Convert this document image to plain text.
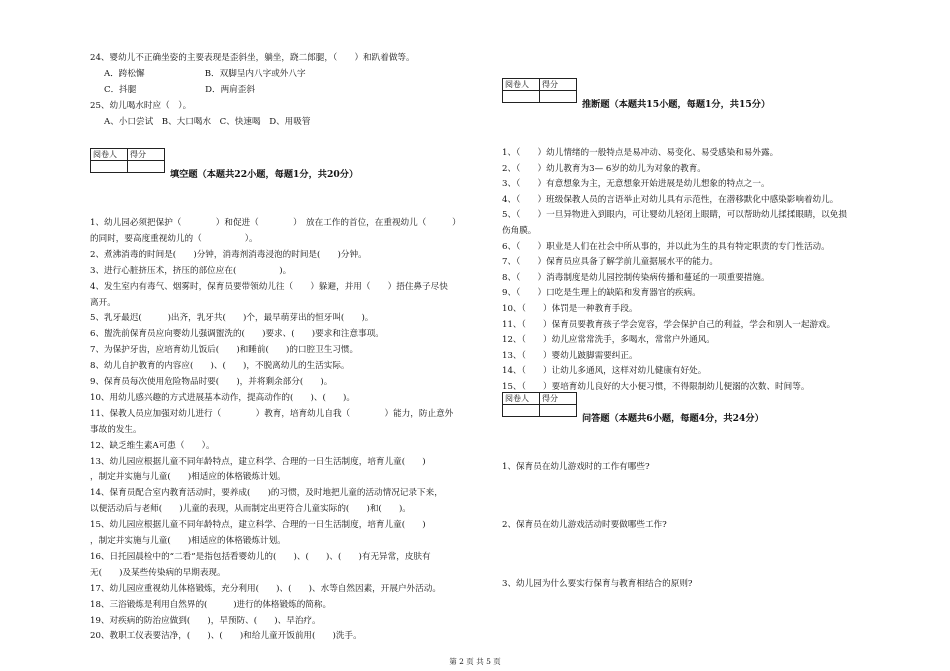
24、婴幼儿不正确坐姿的主要表现是歪斜坐，躺坐，跷二郎腿，（　　）和趴着做等。
A．跨松懈　　　　　　　B．双脚呈内八字或外八字
C．抖腿　　　　　　　　D．两肩歪斜
25、幼儿喝水时应（　）。
A、小口尝试　B、大口喝水　C、快速喝　D、用吸管
阅卷人	得分

填空题（本题共22小题，每题1分，共20分）
1、幼儿园必须把保护（　　　　）和促进（　　　　）　放在工作的首位，在重视幼儿（　　　）
的同时，要高度重视幼儿的（　　　　　）。
2、煮沸消毒的时间是(　　)分钟，消毒剂消毒浸泡的时间是(　　)分钟。
3、进行心脏挤压术，挤压的部位应在(　　　　　)。
4、发生室内有毒气、烟雾时，保育员要带领幼儿往（　　）躲避，并用（　　）捂住鼻子尽快
离开。
5、乳牙最迟(　　　)出齐，乳牙共(　　)个，最早萌芽出的恒牙叫(　　)。
6、盥洗前保育员应向婴幼儿强调盥洗的(　　)要求、(　　)要求和注意事项。
7、为保护牙齿，应培育幼儿饭后(　　)和睡前(　　)的口腔卫生习惯。
8、幼儿自护教育的内容应(　　)、(　　)，不脱离幼儿的生活实际。
9、保育员每次使用危险物品时要(　　)，并将剩余部分(　　)。
10、用幼儿感兴趣的方式进展基本动作，提高动作的(　　)、(　　)。
11、保教人员应加强对幼儿进行（　　　　）教育，培育幼儿自我（　　　　）能力，防止意外
事故的发生。
12、缺乏维生素A可患（　　）。
13、幼儿园应根据儿童不同年龄特点，建立科学、合理的一日生活制度，培育儿童(　　)
，制定并实施与儿童(　　)相适应的体格锻炼计划。
14、保育员配合室内教育活动时，要养成(　　)的习惯，及时地把儿童的活动情况记录下来，
以便活动后与老师(　　)儿童的表现，从而制定出更符合儿童实际的(　　)和(　　)。
15、幼儿园应根据儿童不同年龄特点，建立科学、合理的一日生活制度，培育儿童(　　)
，制定并实施与儿童(　　)相适应的体格锻炼计划。
16、日托园晨检中的“二看”是指包括看婴幼儿的(　　)、(　　)、(　　)有无异常，皮肤有
无(　　)及某些传染病的早期表现。
17、幼儿园应重视幼儿体格锻炼，充分利用(　　)、(　　)、水等自然因素，开展户外活动。
18、三浴锻炼是利用自然界的(　　　)进行的体格锻炼的简称。
19、对疾病的防治应做到(　　)，早预防、(　　)、早治疗。
20、教职工仪表要洁净，(　　)、(　　)和给儿童开饭前用(　　)洗手。
阅卷人	得分

推断题（本题共15小题，每题1分，共15分）
1、（　　）幼儿情绪的一般特点是易冲动、易变化、易受感染和易外露。
2、（　　）幼儿教育为3— 6岁的幼儿为对象的教育。
3、（　　）有意想象为主，无意想象开始进展是幼儿想象的特点之一。
4、（　　）班级保教人员的言语举止对幼儿具有示范性，在潜移默化中感染影响着幼儿。
5、（　　）一旦异物进入到眼内，可让婴幼儿轻闭上眼睛，可以帮助幼儿揉揉眼睛，以免损
伤角膜。
6、（　　）职业是人们在社会中所从事的，并以此为生的具有特定职责的专门性活动。
7、（　　）保育员应具备了解学前儿童据展水平的能力。
8、（　　）消毒制度是幼儿园控制传染病传播和蔓延的一项重要措施。
9、（　　）口吃是生理上的缺陷和发育器官的疾病。
10、（　　）体罚是一种教育手段。
11、（　　）保育员要教育孩子学会宽容，学会保护自己的利益，学会和别人一起游戏。
12、（　　）幼儿应常常洗手，多喝水，常常户外通风。
13、（　　）婴幼儿跛脚需要纠正。
14、（　　）让幼儿多通风，这样对幼儿健康有好处。
15、（　　）要培育幼儿良好的大小便习惯，不得限制幼儿便溺的次数、时间等。
阅卷人	得分

问答题（本题共6小题，每题4分，共24分）
1、保育员在幼儿游戏时的工作有哪些?
2、保育员在幼儿游戏活动时要做哪些工作?
3、幼儿园为什么要实行保育与教育相结合的原则?
第 2 页 共 5 页
